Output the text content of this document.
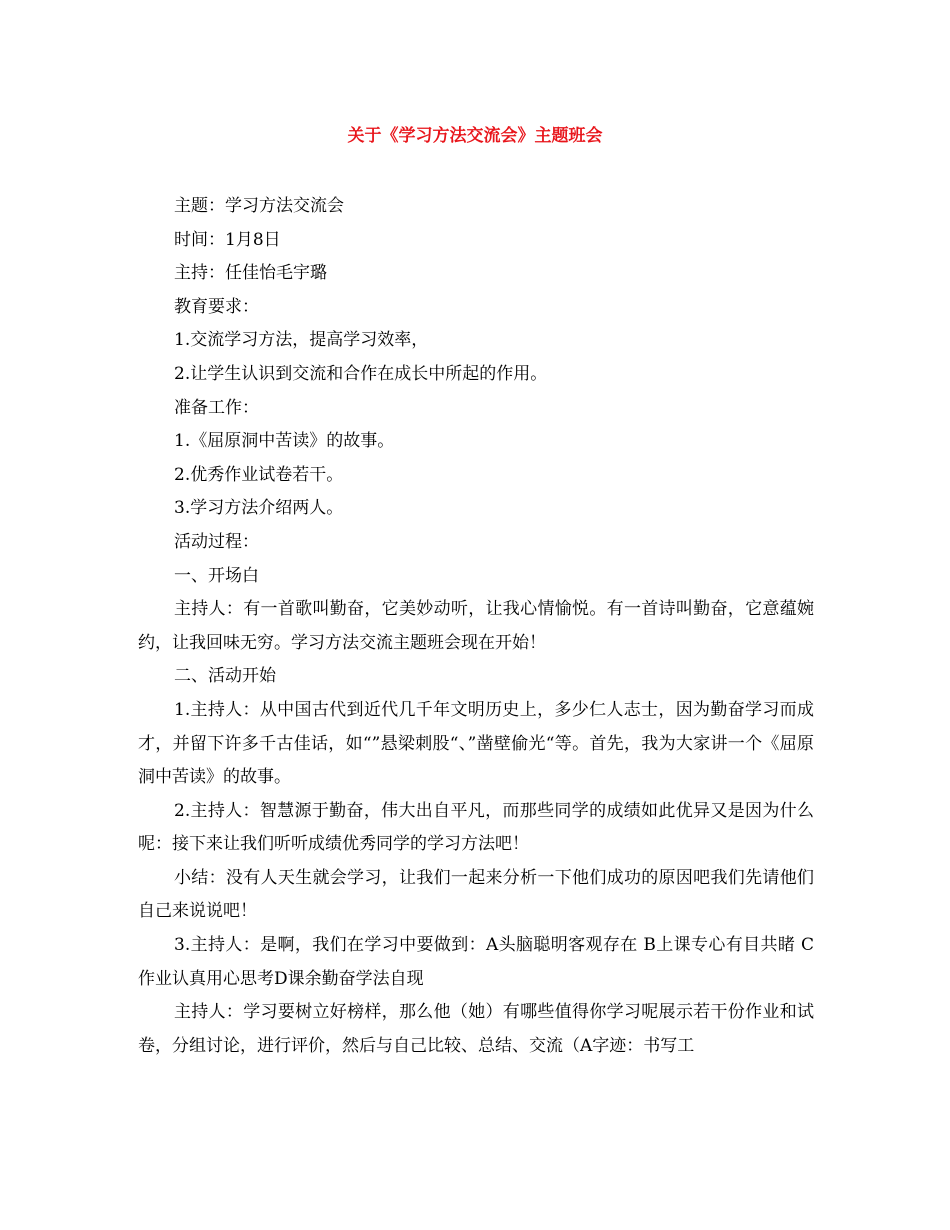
关于《学习方法交流会》主题班会

主题：学习方法交流会

时间：1月8日

主持：任佳怡毛宇璐

教育要求：

1.交流学习方法，提高学习效率，

2.让学生认识到交流和合作在成长中所起的作用。

准备工作：

1.《屈原洞中苦读》的故事。

2.优秀作业试卷若干。

3.学习方法介绍两人。

活动过程：

一、开场白

主持人：有一首歌叫勤奋，它美妙动听，让我心情愉悦。有一首诗叫勤奋，它意蕴婉约，让我回味无穷。学习方法交流主题班会现在开始！

二、活动开始

1.主持人：从中国古代到近代几千年文明历史上，多少仁人志士，因为勤奋学习而成才，并留下许多千古佳话，如“”悬梁刺股“、”凿壁偷光“等。首先，我为大家讲一个《屈原洞中苦读》的故事。

2.主持人：智慧源于勤奋，伟大出自平凡，而那些同学的成绩如此优异又是因为什么呢：接下来让我们听听成绩优秀同学的学习方法吧！

小结：没有人天生就会学习，让我们一起来分析一下他们成功的原因吧我们先请他们自己来说说吧！

3.主持人：是啊，我们在学习中要做到：A头脑聪明客观存在 B上课专心有目共睹 C作业认真用心思考D课余勤奋学法自现

主持人：学习要树立好榜样，那么他（她）有哪些值得你学习呢展示若干份作业和试卷，分组讨论，进行评价，然后与自己比较、总结、交流（A字迹：书写工
